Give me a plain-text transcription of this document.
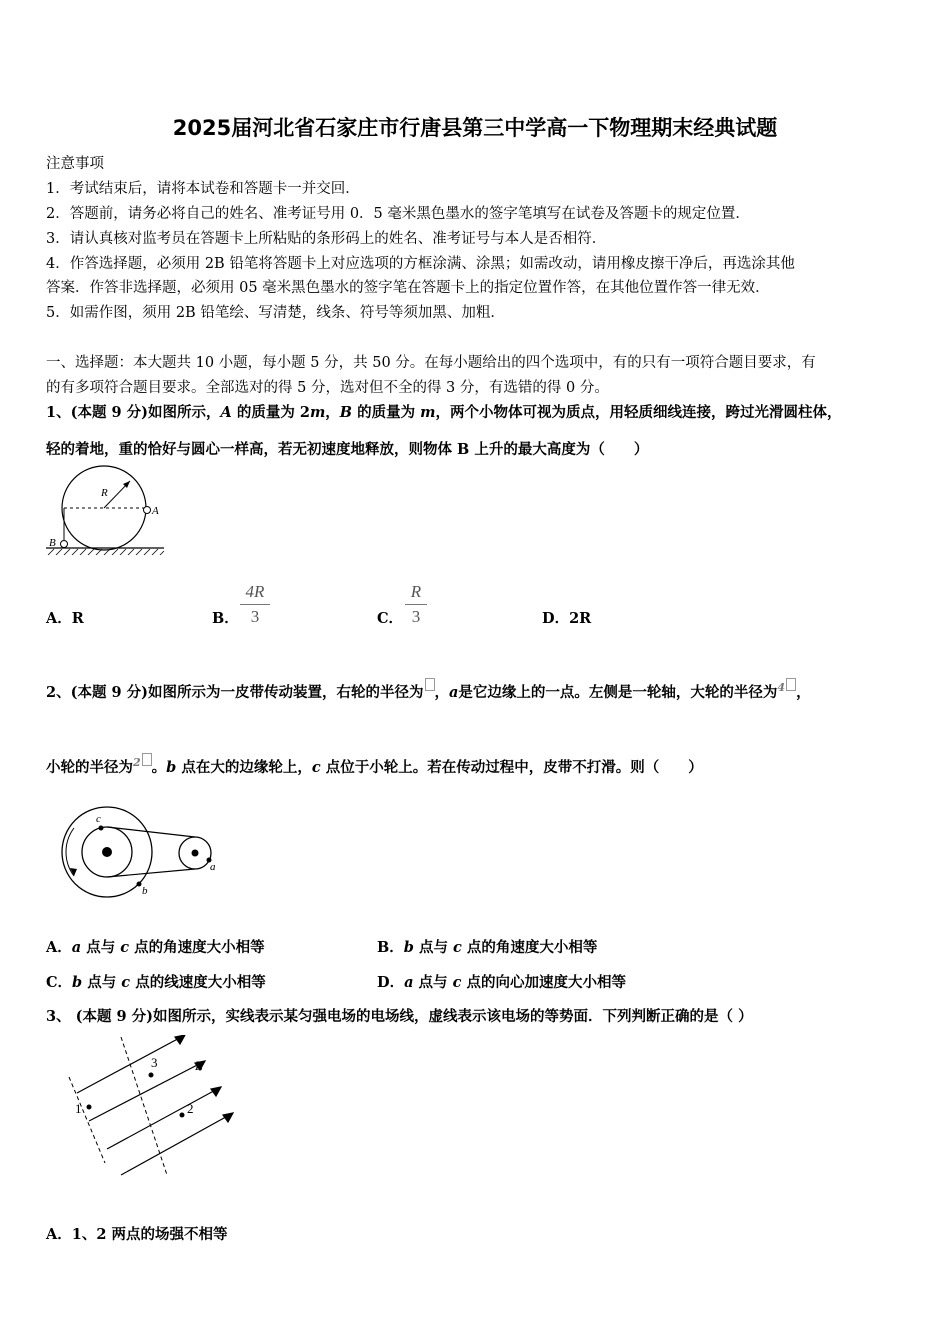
2025届河北省石家庄市行唐县第三中学高一下物理期末经典试题
注意事项
1．考试结束后，请将本试卷和答题卡一并交回．
2．答题前，请务必将自己的姓名、准考证号用 0．5 毫米黑色墨水的签字笔填写在试卷及答题卡的规定位置．
3．请认真核对监考员在答题卡上所粘贴的条形码上的姓名、准考证号与本人是否相符．
4．作答选择题，必须用 2B 铅笔将答题卡上对应选项的方框涂满、涂黑；如需改动，请用橡皮擦干净后，再选涂其他
答案．作答非选择题，必须用 05 毫米黑色墨水的签字笔在答题卡上的指定位置作答，在其他位置作答一律无效．
5．如需作图，须用 2B 铅笔绘、写清楚，线条、符号等须加黑、加粗．
一、选择题：本大题共 10 小题，每小题 5 分，共 50 分。在每小题给出的四个选项中，有的只有一项符合题目要求，有
的有多项符合题目要求。全部选对的得 5 分，选对但不全的得 3 分，有选错的得 0 分。
1、(本题 9 分)如图所示，A 的质量为 2m，B 的质量为 m，两个小物体可视为质点，用轻质细线连接，跨过光滑圆柱体，
轻的着地，重的恰好与圆心一样高，若无初速度地释放，则物体 B 上升的最大高度为（　　）
R
A
B
A．R	B．
4R
3	C．
R
3	D．2R
2、(本题 9 分)如图所示为一皮带传动装置，右轮的半径为 ，a是它边缘上的一点。左侧是一轮轴，大轮的半径为$^4$ ，
小轮的半径为$^2$ 。b 点在大的边缘轮上，c 点位于小轮上。若在传动过程中，皮带不打滑。则（　　）
c
a
b
A．a 点与 c 点的角速度大小相等	B．b 点与 c 点的角速度大小相等
C．b 点与 c 点的线速度大小相等	D．a 点与 c 点的向心加速度大小相等
3、 (本题 9 分)如图所示，实线表示某匀强电场的电场线，虚线表示该电场的等势面．下列判断正确的是（ ）
E
1	2
3
A．1、2 两点的场强不相等
